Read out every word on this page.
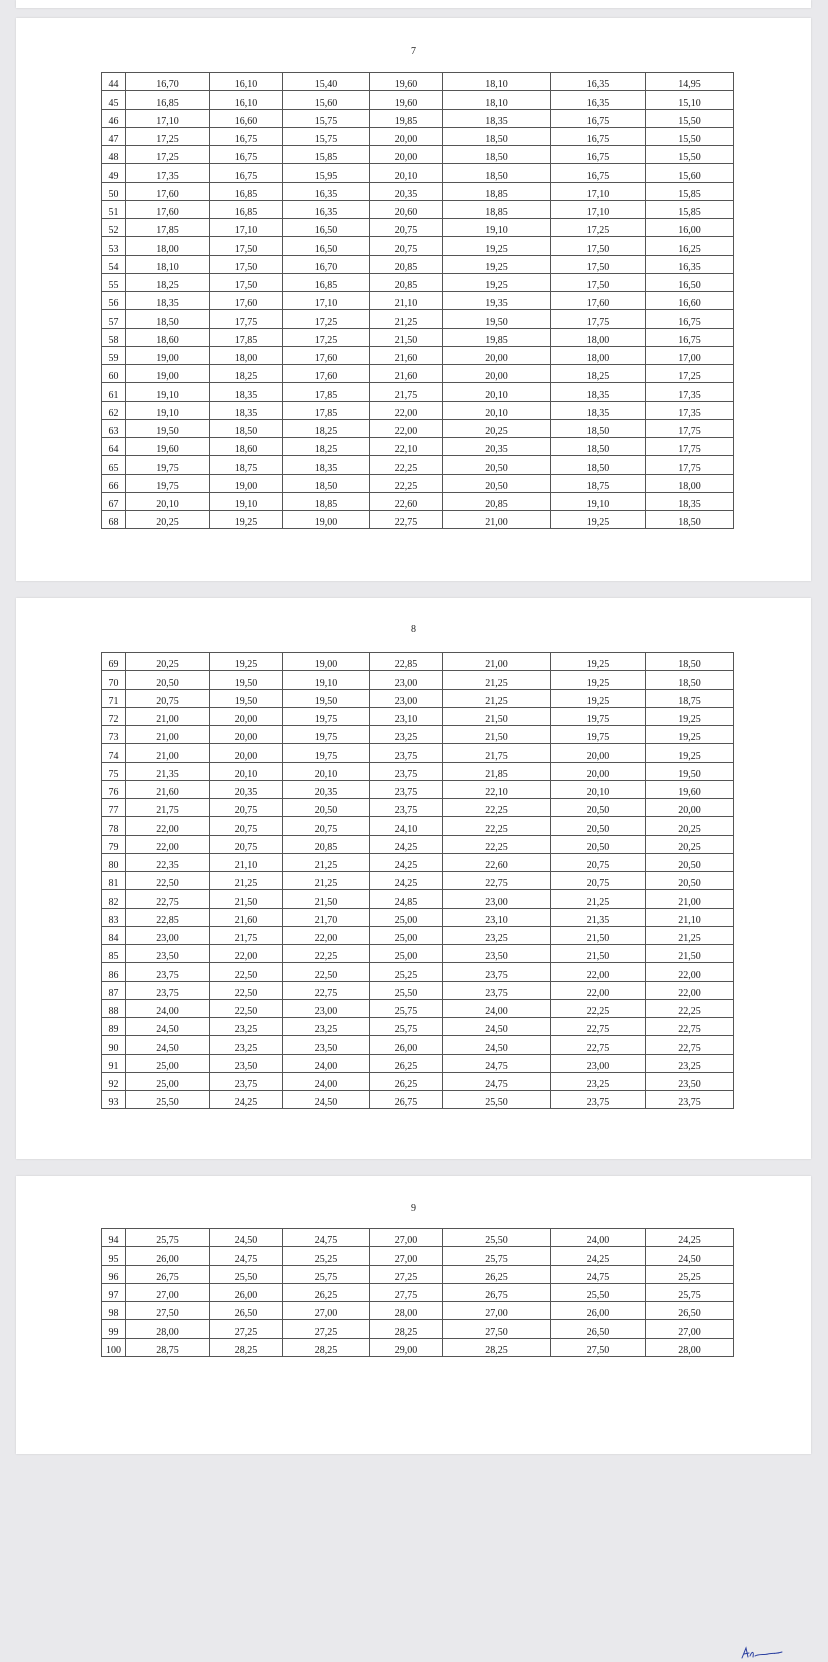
7
44	16,70	16,10	15,40	19,60	18,10	16,35	14,95
45	16,85	16,10	15,60	19,60	18,10	16,35	15,10
46	17,10	16,60	15,75	19,85	18,35	16,75	15,50
47	17,25	16,75	15,75	20,00	18,50	16,75	15,50
48	17,25	16,75	15,85	20,00	18,50	16,75	15,50
49	17,35	16,75	15,95	20,10	18,50	16,75	15,60
50	17,60	16,85	16,35	20,35	18,85	17,10	15,85
51	17,60	16,85	16,35	20,60	18,85	17,10	15,85
52	17,85	17,10	16,50	20,75	19,10	17,25	16,00
53	18,00	17,50	16,50	20,75	19,25	17,50	16,25
54	18,10	17,50	16,70	20,85	19,25	17,50	16,35
55	18,25	17,50	16,85	20,85	19,25	17,50	16,50
56	18,35	17,60	17,10	21,10	19,35	17,60	16,60
57	18,50	17,75	17,25	21,25	19,50	17,75	16,75
58	18,60	17,85	17,25	21,50	19,85	18,00	16,75
59	19,00	18,00	17,60	21,60	20,00	18,00	17,00
60	19,00	18,25	17,60	21,60	20,00	18,25	17,25
61	19,10	18,35	17,85	21,75	20,10	18,35	17,35
62	19,10	18,35	17,85	22,00	20,10	18,35	17,35
63	19,50	18,50	18,25	22,00	20,25	18,50	17,75
64	19,60	18,60	18,25	22,10	20,35	18,50	17,75
65	19,75	18,75	18,35	22,25	20,50	18,50	17,75
66	19,75	19,00	18,50	22,25	20,50	18,75	18,00
67	20,10	19,10	18,85	22,60	20,85	19,10	18,35
68	20,25	19,25	19,00	22,75	21,00	19,25	18,50
8
69	20,25	19,25	19,00	22,85	21,00	19,25	18,50
70	20,50	19,50	19,10	23,00	21,25	19,25	18,50
71	20,75	19,50	19,50	23,00	21,25	19,25	18,75
72	21,00	20,00	19,75	23,10	21,50	19,75	19,25
73	21,00	20,00	19,75	23,25	21,50	19,75	19,25
74	21,00	20,00	19,75	23,75	21,75	20,00	19,25
75	21,35	20,10	20,10	23,75	21,85	20,00	19,50
76	21,60	20,35	20,35	23,75	22,10	20,10	19,60
77	21,75	20,75	20,50	23,75	22,25	20,50	20,00
78	22,00	20,75	20,75	24,10	22,25	20,50	20,25
79	22,00	20,75	20,85	24,25	22,25	20,50	20,25
80	22,35	21,10	21,25	24,25	22,60	20,75	20,50
81	22,50	21,25	21,25	24,25	22,75	20,75	20,50
82	22,75	21,50	21,50	24,85	23,00	21,25	21,00
83	22,85	21,60	21,70	25,00	23,10	21,35	21,10
84	23,00	21,75	22,00	25,00	23,25	21,50	21,25
85	23,50	22,00	22,25	25,00	23,50	21,50	21,50
86	23,75	22,50	22,50	25,25	23,75	22,00	22,00
87	23,75	22,50	22,75	25,50	23,75	22,00	22,00
88	24,00	22,50	23,00	25,75	24,00	22,25	22,25
89	24,50	23,25	23,25	25,75	24,50	22,75	22,75
90	24,50	23,25	23,50	26,00	24,50	22,75	22,75
91	25,00	23,50	24,00	26,25	24,75	23,00	23,25
92	25,00	23,75	24,00	26,25	24,75	23,25	23,50
93	25,50	24,25	24,50	26,75	25,50	23,75	23,75
9
94	25,75	24,50	24,75	27,00	25,50	24,00	24,25
95	26,00	24,75	25,25	27,00	25,75	24,25	24,50
96	26,75	25,50	25,75	27,25	26,25	24,75	25,25
97	27,00	26,00	26,25	27,75	26,75	25,50	25,75
98	27,50	26,50	27,00	28,00	27,00	26,00	26,50
99	28,00	27,25	27,25	28,25	27,50	26,50	27,00
100	28,75	28,25	28,25	29,00	28,25	27,50	28,00
